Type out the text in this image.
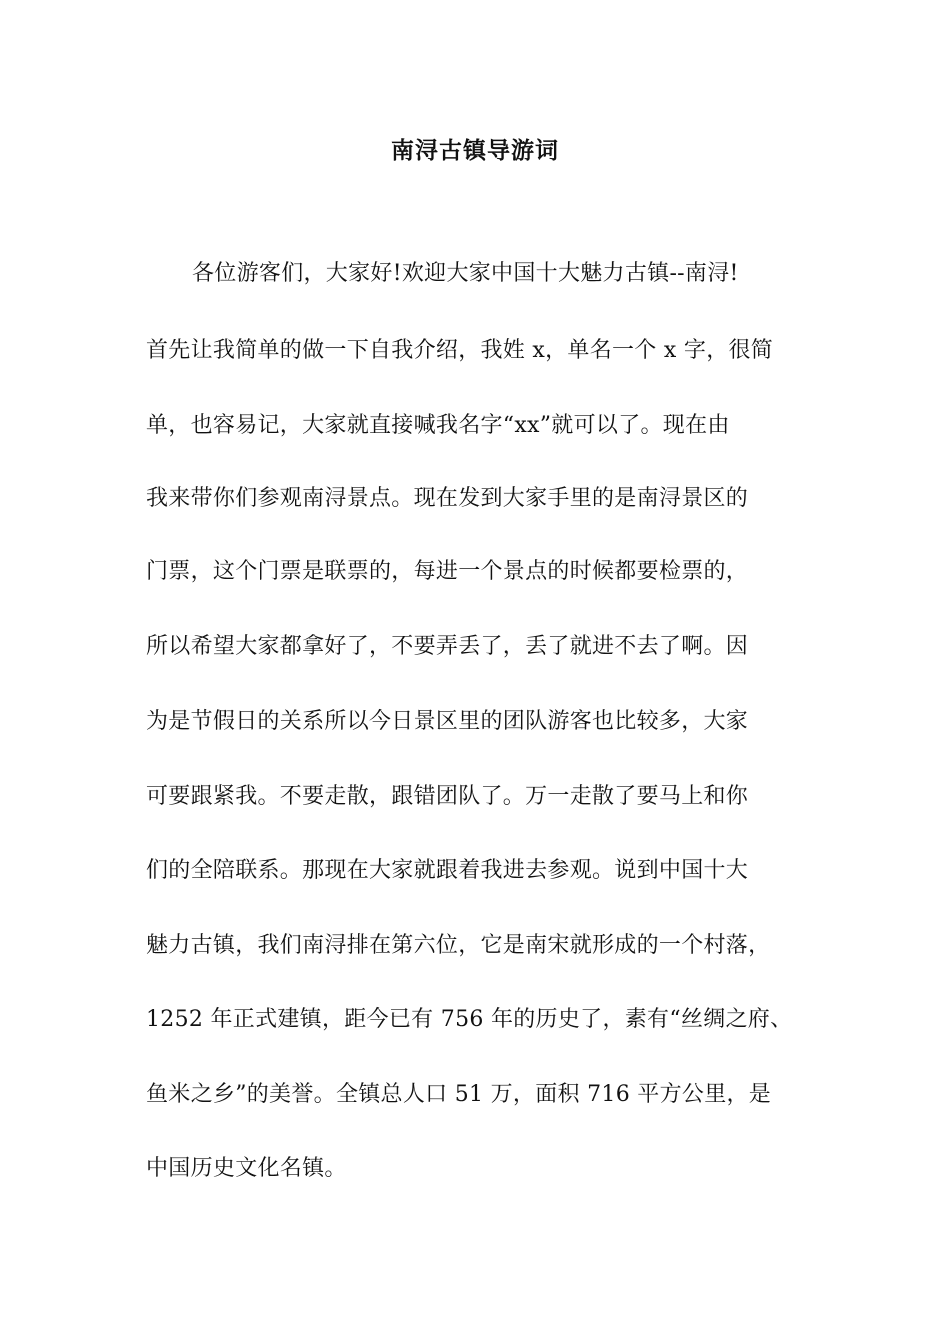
南浔古镇导游词
各位游客们，大家好!欢迎大家中国十大魅力古镇--南浔!
首先让我简单的做一下自我介绍，我姓 x，单名一个 x 字，很简
单，也容易记，大家就直接喊我名字“xx”就可以了。现在由
我来带你们参观南浔景点。现在发到大家手里的是南浔景区的
门票，这个门票是联票的，每进一个景点的时候都要检票的，
所以希望大家都拿好了，不要弄丢了，丢了就进不去了啊。因
为是节假日的关系所以今日景区里的团队游客也比较多，大家
可要跟紧我。不要走散，跟错团队了。万一走散了要马上和你
们的全陪联系。那现在大家就跟着我进去参观。说到中国十大
魅力古镇，我们南浔排在第六位，它是南宋就形成的一个村落，
1252 年正式建镇，距今已有 756 年的历史了，素有“丝绸之府、
鱼米之乡”的美誉。全镇总人口 51 万，面积 716 平方公里，是
中国历史文化名镇。
